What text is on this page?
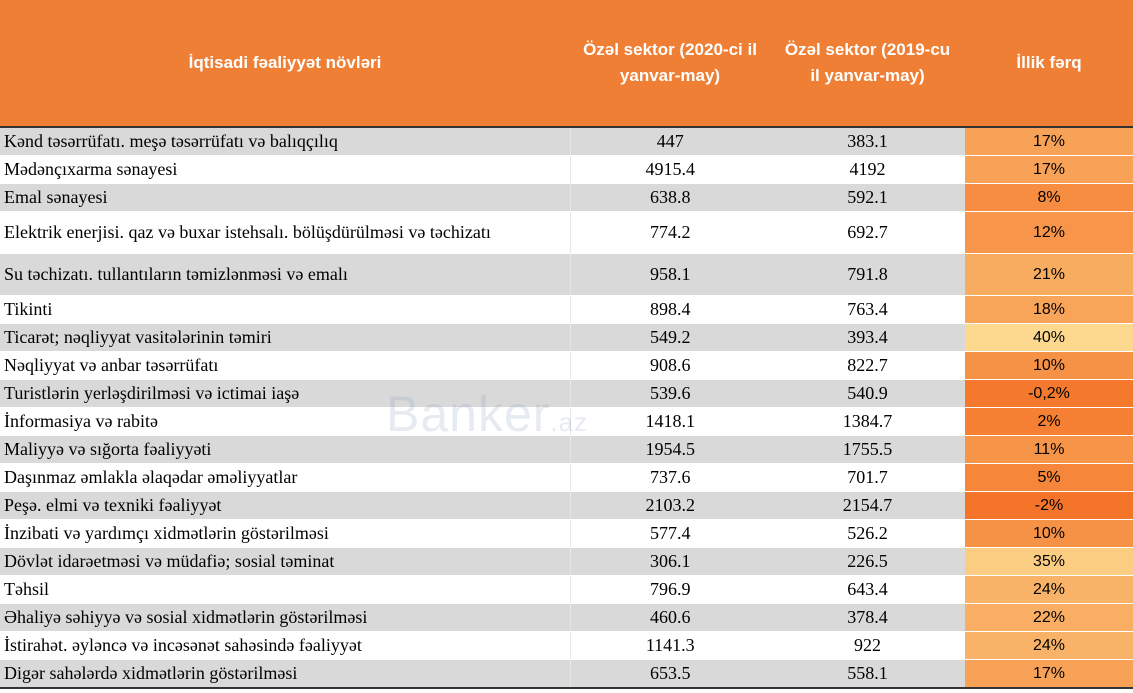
İqtisadi fəaliyyət növləri	Özəl sektor (2020-ci il yanvar-may)	Özəl sektor (2019-cu il yanvar-may)	İllik fərq
Kənd təsərrüfatı. meşə təsərrüfatı və balıqçılıq	447	383.1	17%
Mədənçıxarma sənayesi	4915.4	4192	17%
Emal sənayesi	638.8	592.1	8%
Elektrik enerjisi. qaz və buxar istehsalı. bölüşdürülməsi və təchizatı	774.2	692.7	12%
Su təchizatı. tullantıların təmizlənməsi və emalı	958.1	791.8	21%
Tikinti	898.4	763.4	18%
Ticarət; nəqliyyat vasitələrinin təmiri	549.2	393.4	40%
Nəqliyyat və anbar təsərrüfatı	908.6	822.7	10%
Turistlərin yerləşdirilməsi və ictimai iaşə	539.6	540.9	-0,2%
İnformasiya və rabitə	1418.1	1384.7	2%
Maliyyə və sığorta fəaliyyəti	1954.5	1755.5	11%
Daşınmaz əmlakla əlaqədar əməliyyatlar	737.6	701.7	5%
Peşə. elmi və texniki fəaliyyət	2103.2	2154.7	-2%
İnzibati və yardımçı xidmətlərin göstərilməsi	577.4	526.2	10%
Dövlət idarəetməsi və müdafiə; sosial təminat	306.1	226.5	35%
Təhsil	796.9	643.4	24%
Əhaliyə səhiyyə və sosial xidmətlərin göstərilməsi	460.6	378.4	22%
İstirahət. əyləncə və incəsənət sahəsində fəaliyyət	1141.3	922	24%
Digər sahələrdə xidmətlərin göstərilməsi	653.5	558.1	17%
Banker.az
